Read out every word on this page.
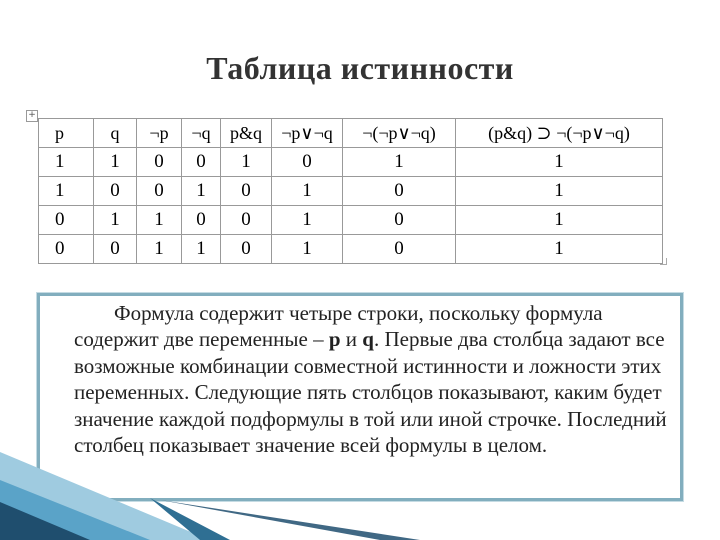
Таблица истинности
+
p	q	¬p	¬q	p&q	¬p∨¬q	¬(¬p∨¬q)	(p&q) ⊃ ¬(¬p∨¬q)
1	1	0	0	1	0	1	1
1	0	0	1	0	1	0	1
0	1	1	0	0	1	0	1
0	0	1	1	0	1	0	1

Формула содержит четыре строки, поскольку формула содержит две переменные – p и q. Первые два столбца задают все возможные комбинации совместной истинности и ложности этих переменных. Следующие пять столбцов показывают, каким будет значение каждой подформулы в той или иной строчке. Последний столбец показывает значение всей формулы в целом.
